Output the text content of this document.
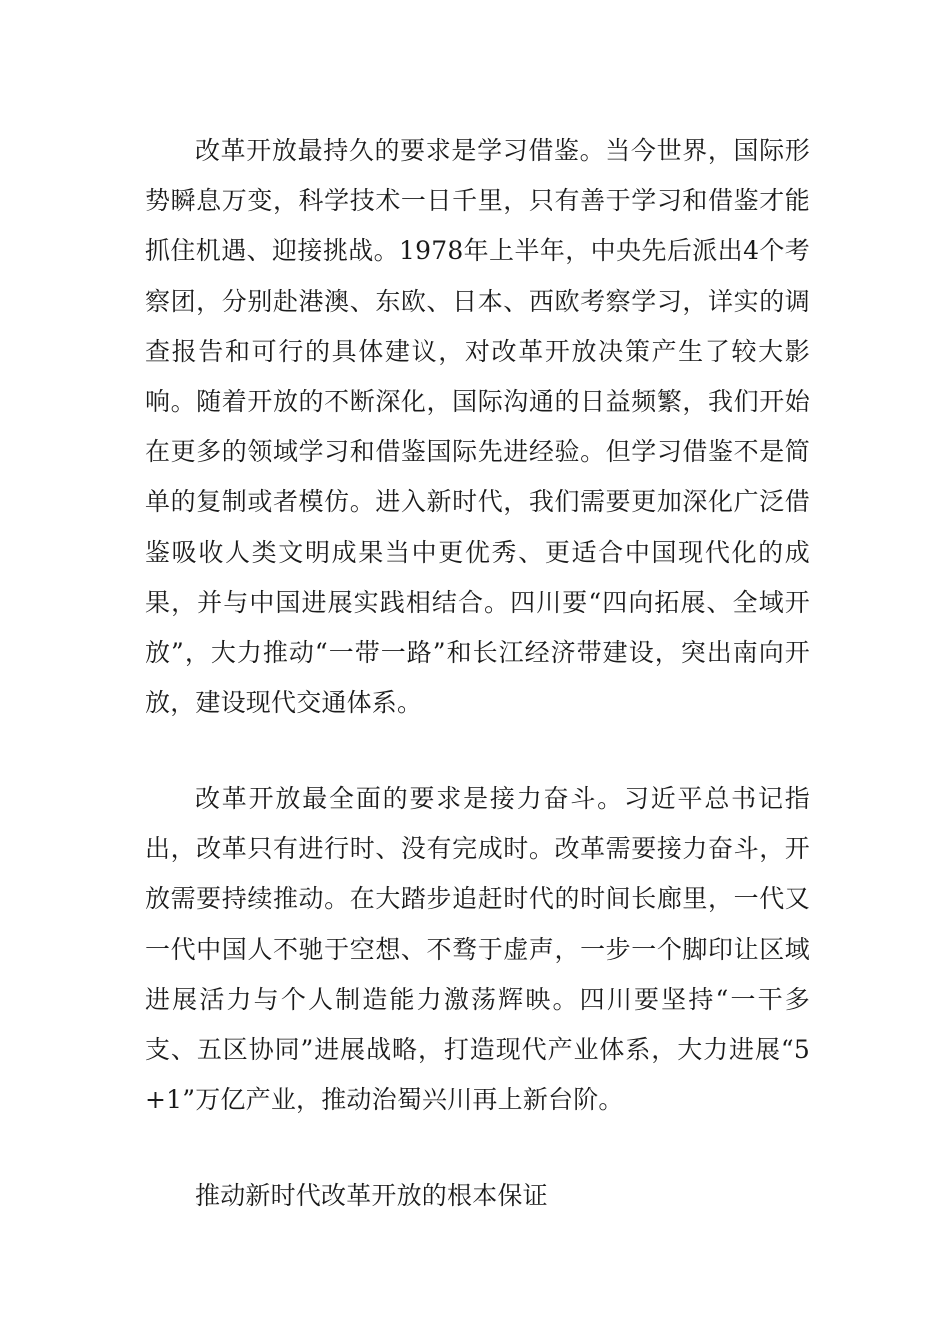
改革开放最持久的要求是学习借鉴。当今世界，国际形势瞬息万变，科学技术一日千里，只有善于学习和借鉴才能抓住机遇、迎接挑战。1978年上半年，中央先后派出4个考察团，分别赴港澳、东欧、日本、西欧考察学习，详实的调查报告和可行的具体建议，对改革开放决策产生了较大影响。随着开放的不断深化，国际沟通的日益频繁，我们开始在更多的领域学习和借鉴国际先进经验。但学习借鉴不是简单的复制或者模仿。进入新时代，我们需要更加深化广泛借鉴吸收人类文明成果当中更优秀、更适合中国现代化的成果，并与中国进展实践相结合。四川要“四向拓展、全域开放”，大力推动“一带一路”和长江经济带建设，突出南向开放，建设现代交通体系。

改革开放最全面的要求是接力奋斗。习近平总书记指出，改革只有进行时、没有完成时。改革需要接力奋斗，开放需要持续推动。在大踏步追赶时代的时间长廊里，一代又一代中国人不驰于空想、不骛于虚声，一步一个脚印让区域进展活力与个人制造能力激荡辉映。四川要坚持“一干多支、五区协同”进展战略，打造现代产业体系，大力进展“5+1”万亿产业，推动治蜀兴川再上新台阶。

推动新时代改革开放的根本保证
